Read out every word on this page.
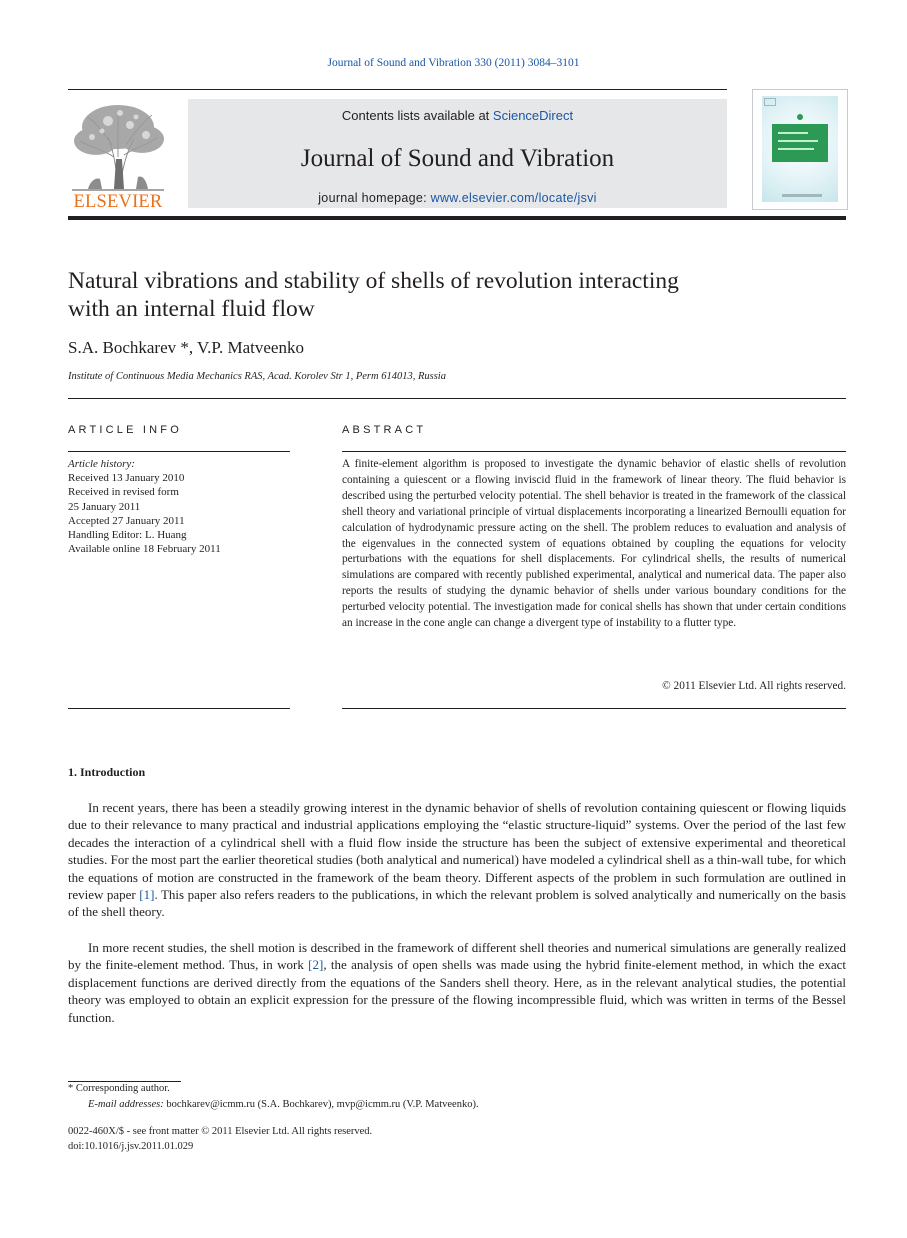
Journal of Sound and Vibration 330 (2011) 3084–3101
ELSEVIER
Contents lists available at ScienceDirect
Journal of Sound and Vibration
journal homepage: www.elsevier.com/locate/jsvi
Natural vibrations and stability of shells of revolution interacting
with an internal fluid flow
S.A. Bochkarev *, V.P. Matveenko
Institute of Continuous Media Mechanics RAS, Acad. Korolev Str 1, Perm 614013, Russia
ARTICLE INFO	ABSTRACT
Article history:
Received 13 January 2010
Received in revised form
25 January 2011
Accepted 27 January 2011
Handling Editor: L. Huang
Available online 18 February 2011
A finite-element algorithm is proposed to investigate the dynamic behavior of elastic shells of revolution containing a quiescent or a flowing inviscid fluid in the framework of linear theory. The fluid behavior is described using the perturbed velocity potential. The shell behavior is treated in the framework of the classical shell theory and variational principle of virtual displacements incorporating a linearized Bernoulli equation for calculation of hydrodynamic pressure acting on the shell. The problem reduces to evaluation and analysis of the eigenvalues in the connected system of equations obtained by coupling the equations for velocity perturbations with the equations for shell displacements. For cylindrical shells, the results of numerical simulations are compared with recently published experimental, analytical and numerical data. The paper also reports the results of studying the dynamic behavior of shells under various boundary conditions for the perturbed velocity potential. The investigation made for conical shells has shown that under certain conditions an increase in the cone angle can change a divergent type of instability to a flutter type.
© 2011 Elsevier Ltd. All rights reserved.
1. Introduction
In recent years, there has been a steadily growing interest in the dynamic behavior of shells of revolution containing quiescent or flowing liquids due to their relevance to many practical and industrial applications employing the “elastic structure-liquid” systems. Over the period of the last few decades the interaction of a cylindrical shell with a fluid flow inside the structure has been the subject of extensive experimental and theoretical studies. For the most part the earlier theoretical studies (both analytical and numerical) have modeled a cylindrical shell as a thin-wall tube, for which the equations of motion are constructed in the framework of the beam theory. Different aspects of the problem in such formulation are outlined in review paper [1]. This paper also refers readers to the publications, in which the relevant problem is solved analytically and numerically on the basis of the shell theory.
In more recent studies, the shell motion is described in the framework of different shell theories and numerical simulations are generally realized by the finite-element method. Thus, in work [2], the analysis of open shells was made using the hybrid finite-element method, in which the exact displacement functions are derived directly from the equations of the Sanders shell theory. Here, as in the relevant analytical studies, the potential theory was employed to obtain an explicit expression for the pressure of the flowing incompressible fluid, which was written in terms of the Bessel function.
* Corresponding author.
E-mail addresses: bochkarev@icmm.ru (S.A. Bochkarev), mvp@icmm.ru (V.P. Matveenko).
0022-460X/$ - see front matter © 2011 Elsevier Ltd. All rights reserved.
doi:10.1016/j.jsv.2011.01.029
